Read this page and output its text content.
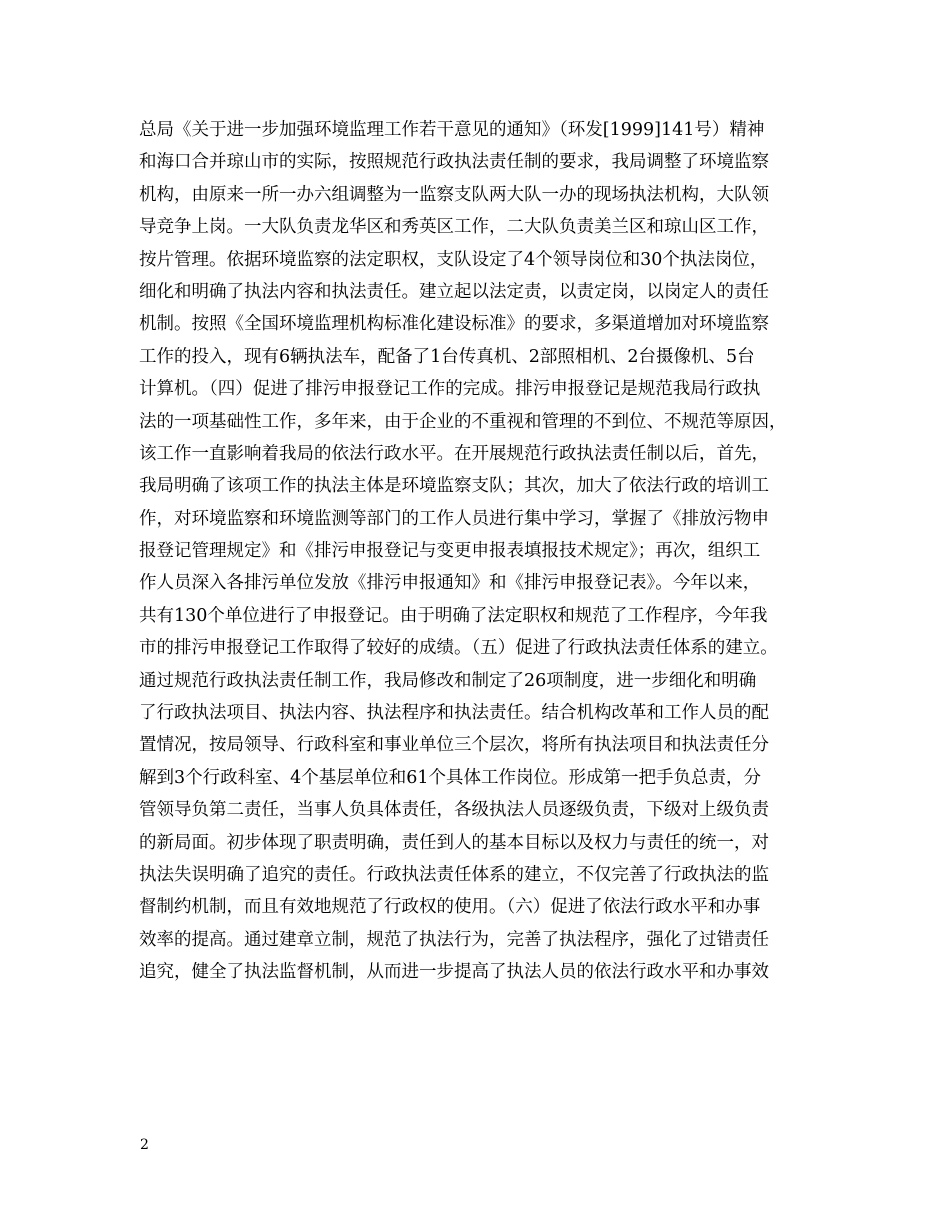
总局《关于进一步加强环境监理工作若干意见的通知》（环发[1999]141号）精神
和海口合并琼山市的实际，按照规范行政执法责任制的要求，我局调整了环境监察
机构，由原来一所一办六组调整为一监察支队两大队一办的现场执法机构，大队领
导竞争上岗。一大队负责龙华区和秀英区工作，二大队负责美兰区和琼山区工作，
按片管理。依据环境监察的法定职权，支队设定了4个领导岗位和30个执法岗位，
细化和明确了执法内容和执法责任。建立起以法定责，以责定岗，以岗定人的责任
机制。按照《全国环境监理机构标准化建设标准》的要求，多渠道增加对环境监察
工作的投入，现有6辆执法车，配备了1台传真机、2部照相机、2台摄像机、5台
计算机。（四）促进了排污申报登记工作的完成。排污申报登记是规范我局行政执
法的一项基础性工作，多年来，由于企业的不重视和管理的不到位、不规范等原因，
该工作一直影响着我局的依法行政水平。在开展规范行政执法责任制以后，首先，
我局明确了该项工作的执法主体是环境监察支队；其次，加大了依法行政的培训工
作，对环境监察和环境监测等部门的工作人员进行集中学习，掌握了《排放污物申
报登记管理规定》和《排污申报登记与变更申报表填报技术规定》；再次，组织工
作人员深入各排污单位发放《排污申报通知》和《排污申报登记表》。今年以来，
共有130个单位进行了申报登记。由于明确了法定职权和规范了工作程序，今年我
市的排污申报登记工作取得了较好的成绩。（五）促进了行政执法责任体系的建立。
通过规范行政执法责任制工作，我局修改和制定了26项制度，进一步细化和明确
了行政执法项目、执法内容、执法程序和执法责任。结合机构改革和工作人员的配
置情况，按局领导、行政科室和事业单位三个层次，将所有执法项目和执法责任分
解到3个行政科室、4个基层单位和61个具体工作岗位。形成第一把手负总责，分
管领导负第二责任，当事人负具体责任，各级执法人员逐级负责，下级对上级负责
的新局面。初步体现了职责明确，责任到人的基本目标以及权力与责任的统一，对
执法失误明确了追究的责任。行政执法责任体系的建立，不仅完善了行政执法的监
督制约机制，而且有效地规范了行政权的使用。（六）促进了依法行政水平和办事
效率的提高。通过建章立制，规范了执法行为，完善了执法程序，强化了过错责任
追究，健全了执法监督机制，从而进一步提高了执法人员的依法行政水平和办事效
2
